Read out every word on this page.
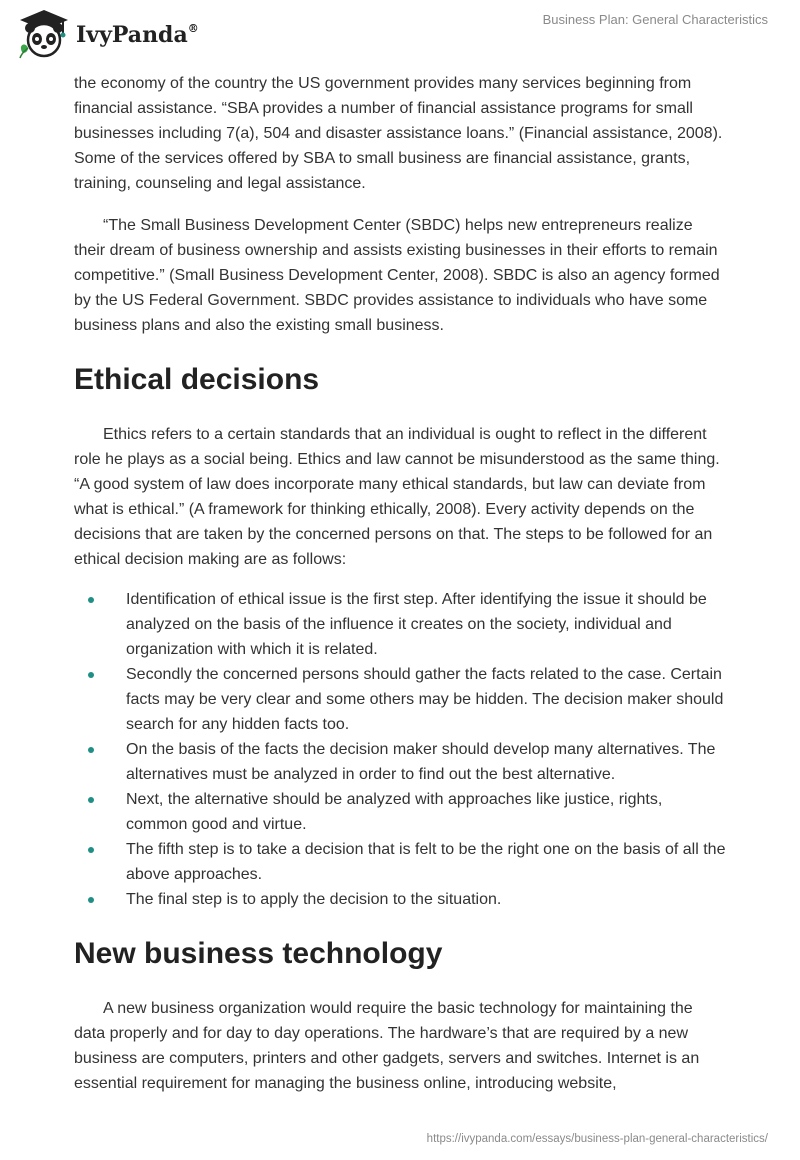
IvyPanda®
Business Plan: General Characteristics

the economy of the country the US government provides many services beginning from financial assistance. “SBA provides a number of financial assistance programs for small businesses including 7(a), 504 and disaster assistance loans.” (Financial assistance, 2008). Some of the services offered by SBA to small business are financial assistance, grants, training, counseling and legal assistance.

“The Small Business Development Center (SBDC) helps new entrepreneurs realize their dream of business ownership and assists existing businesses in their efforts to remain competitive.” (Small Business Development Center, 2008). SBDC is also an agency formed by the US Federal Government. SBDC provides assistance to individuals who have some business plans and also the existing small business.

Ethical decisions

Ethics refers to a certain standards that an individual is ought to reflect in the different role he plays as a social being. Ethics and law cannot be misunderstood as the same thing. “A good system of law does incorporate many ethical standards, but law can deviate from what is ethical.” (A framework for thinking ethically, 2008). Every activity depends on the decisions that are taken by the concerned persons on that. The steps to be followed for an ethical decision making are as follows:

Identification of ethical issue is the first step. After identifying the issue it should be analyzed on the basis of the influence it creates on the society, individual and organization with which it is related.
Secondly the concerned persons should gather the facts related to the case. Certain facts may be very clear and some others may be hidden. The decision maker should search for any hidden facts too.
On the basis of the facts the decision maker should develop many alternatives. The alternatives must be analyzed in order to find out the best alternative.
Next, the alternative should be analyzed with approaches like justice, rights, common good and virtue.
The fifth step is to take a decision that is felt to be the right one on the basis of all the above approaches.
The final step is to apply the decision to the situation.
New business technology

A new business organization would require the basic technology for maintaining the data properly and for day to day operations. The hardware’s that are required by a new business are computers, printers and other gadgets, servers and switches. Internet is an essential requirement for managing the business online, introducing website,

https://ivypanda.com/essays/business-plan-general-characteristics/
